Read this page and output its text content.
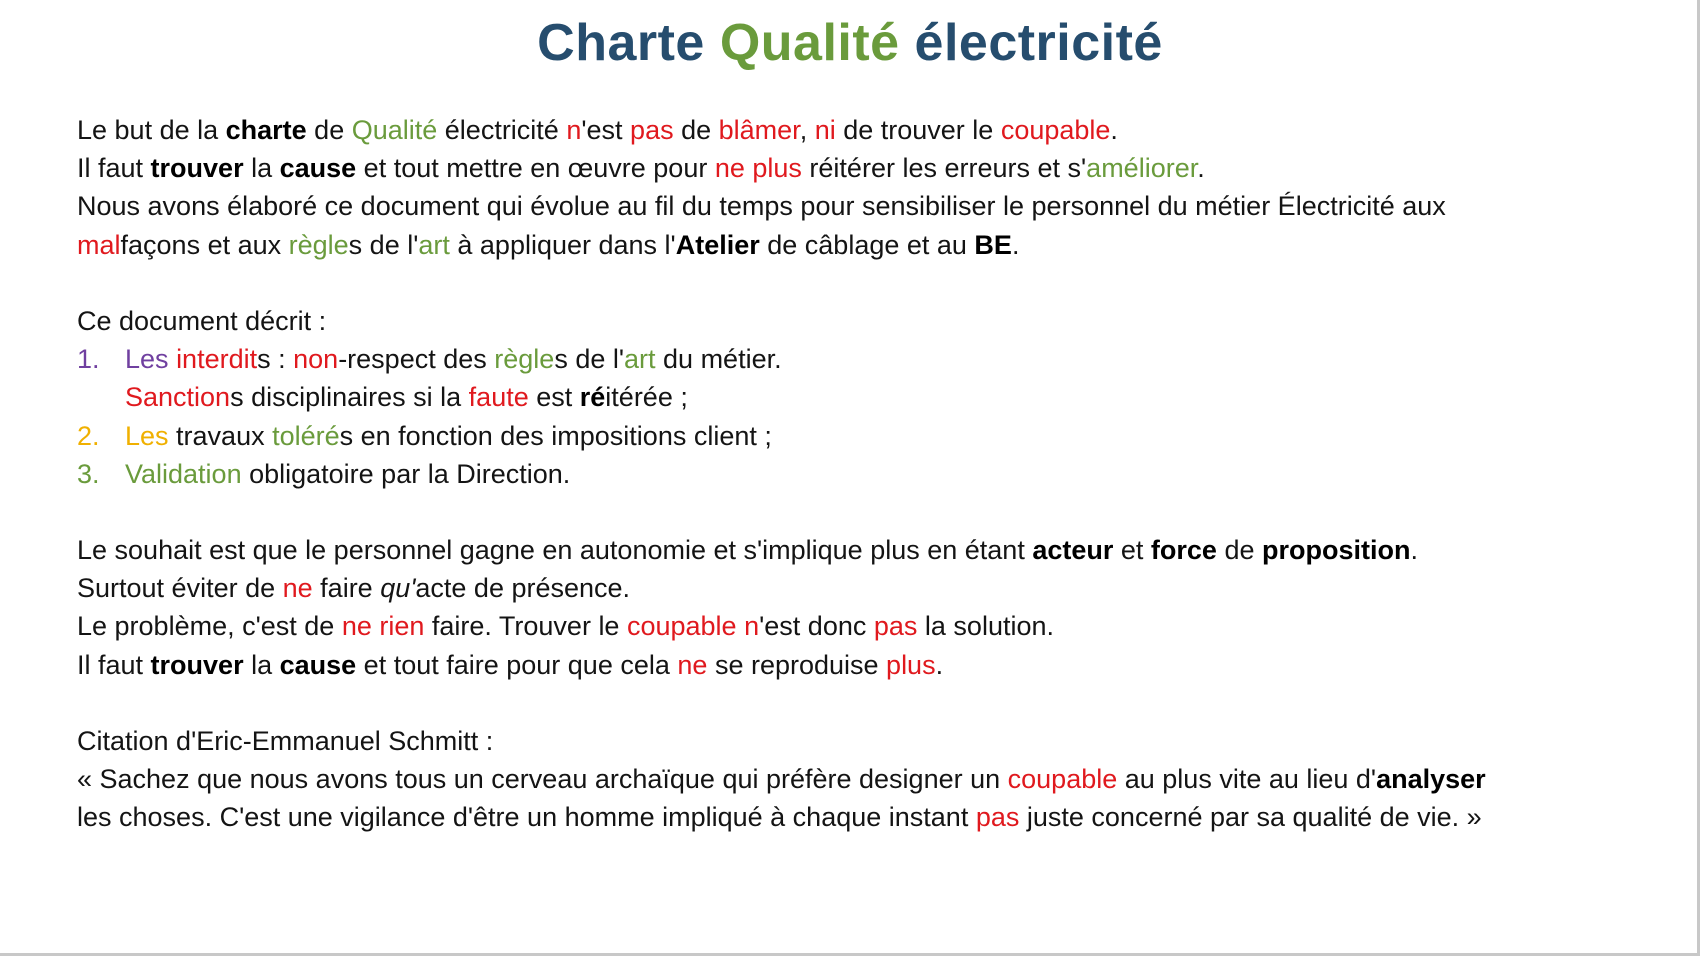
Charte Qualité électricité
Le but de la charte de Qualité électricité n'est pas de blâmer, ni de trouver le coupable.
Il faut trouver la cause et tout mettre en œuvre pour ne plus réitérer les erreurs et s'améliorer.
Nous avons élaboré ce document qui évolue au fil du temps pour sensibiliser le personnel du métier Électricité aux
malfaçons et aux règles de l'art à appliquer dans l'Atelier de câblage et au BE.
Ce document décrit :
1. Les interdits : non-respect des règles de l'art du métier.
Sanctions disciplinaires si la faute est réitérée ;
2. Les travaux tolérés en fonction des impositions client ;
3. Validation obligatoire par la Direction.
Le souhait est que le personnel gagne en autonomie et s'implique plus en étant acteur et force de proposition.
Surtout éviter de ne faire qu'acte de présence.
Le problème, c'est de ne rien faire. Trouver le coupable n'est donc pas la solution.
Il faut trouver la cause et tout faire pour que cela ne se reproduise plus.
Citation d'Eric-Emmanuel Schmitt :
« Sachez que nous avons tous un cerveau archaïque qui préfère designer un coupable au plus vite au lieu d'analyser
les choses. C'est une vigilance d'être un homme impliqué à chaque instant pas juste concerné par sa qualité de vie. »
